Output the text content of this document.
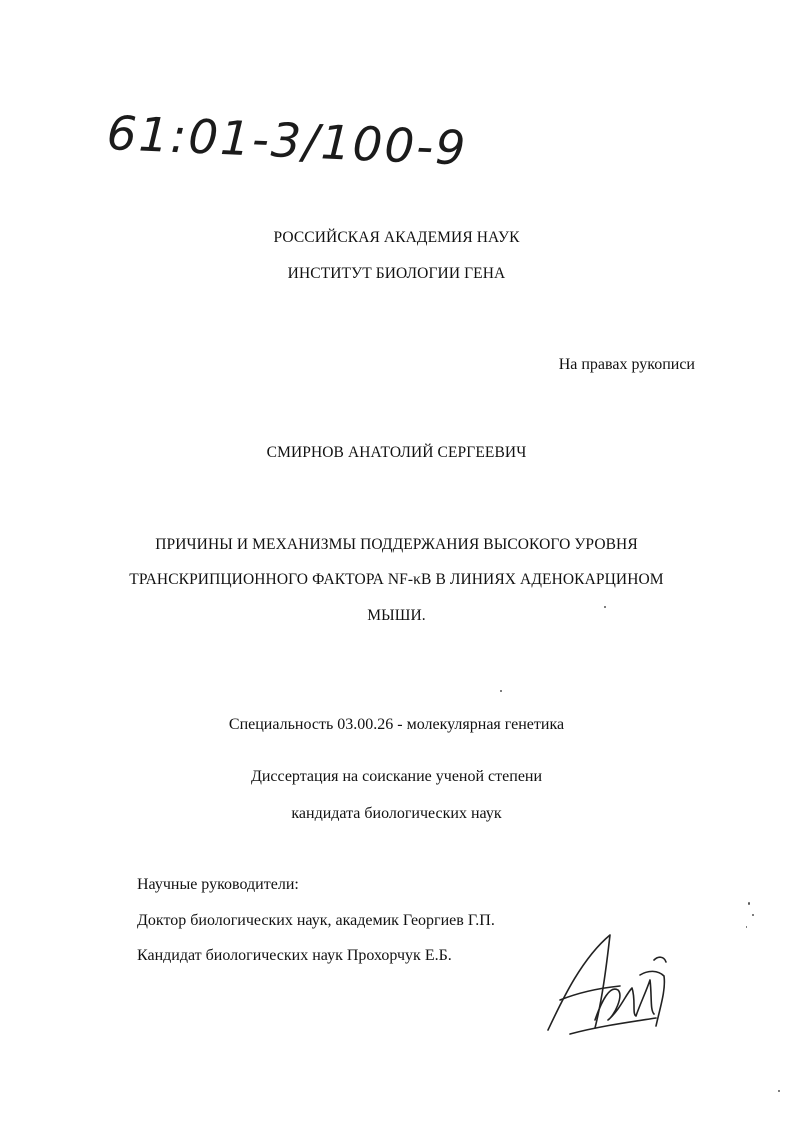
61:01-3/100-9
РОССИЙСКАЯ АКАДЕМИЯ НАУК
ИНСТИТУТ БИОЛОГИИ ГЕНА
На правах рукописи
СМИРНОВ АНАТОЛИЙ СЕРГЕЕВИЧ
ПРИЧИНЫ И МЕХАНИЗМЫ ПОДДЕРЖАНИЯ ВЫСОКОГО УРОВНЯ
ТРАНСКРИПЦИОННОГО ФАКТОРА NF-κB В ЛИНИЯХ АДЕНОКАРЦИНОМ
МЫШИ.
Специальность 03.00.26 - молекулярная генетика
Диссертация на соискание ученой степени
кандидата биологических наук
Научные руководители:
Доктор биологических наук, академик Георгиев Г.П.
Кандидат биологических наук Прохорчук Е.Б.
